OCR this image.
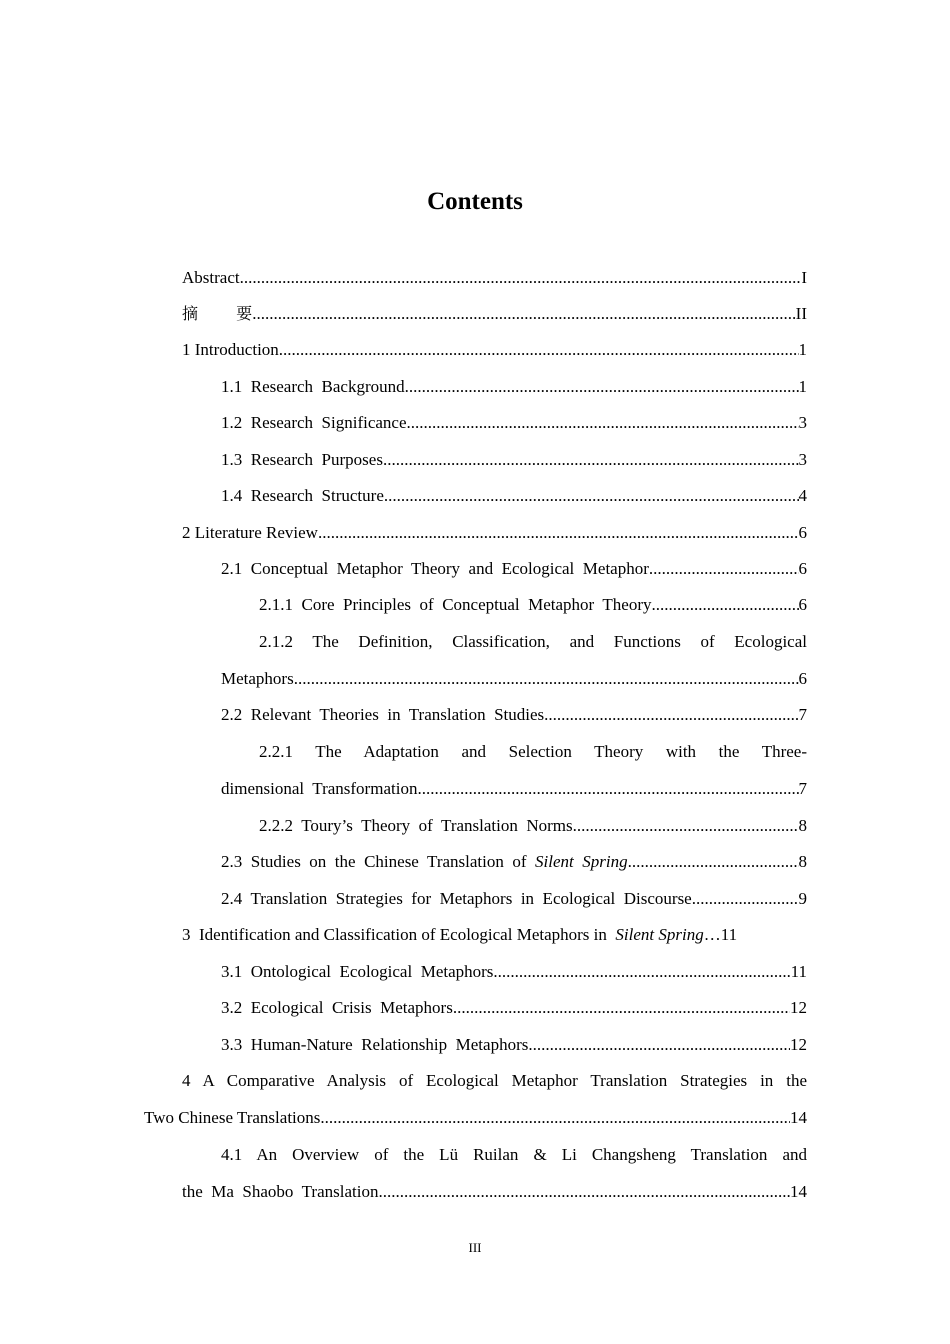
Contents
Abstract .....	I
摘  要 .....	II
1 Introduction .....	1
1.1  Research  Background .....	1
1.2  Research  Significance .....	3
1.3  Research  Purposes .....	3
1.4  Research  Structure .....	4
2 Literature Review .....	6
2.1  Conceptual  Metaphor  Theory  and  Ecological  Metaphor .....	6
2.1.1  Core  Principles  of  Conceptual  Metaphor  Theory .....	6
2.1.2 The Definition, Classification, and Functions of Ecological
Metaphors .....	6
2.2  Relevant  Theories  in  Translation  Studies .....	7
2.2.1 The Adaptation and Selection Theory with the Three-
dimensional  Transformation .....	7
2.2.2  Toury’s  Theory  of  Translation  Norms .....	8
2.3  Studies  on  the  Chinese  Translation  of Silent  Spring .....	8
2.4  Translation  Strategies  for  Metaphors  in  Ecological  Discourse .....	9
3  Identification and Classification of Ecological Metaphors in Silent Spring … 11
3.1  Ontological  Ecological  Metaphors .....	11
3.2  Ecological  Crisis  Metaphors .....	12
3.3  Human-Nature  Relationship  Metaphors .....	12
4 A Comparative Analysis of Ecological Metaphor Translation Strategies in the
Two Chinese Translations .....	14
4.1 An Overview of the Lü Ruilan & Li Changsheng Translation and
the  Ma  Shaobo  Translation .....	14
III
